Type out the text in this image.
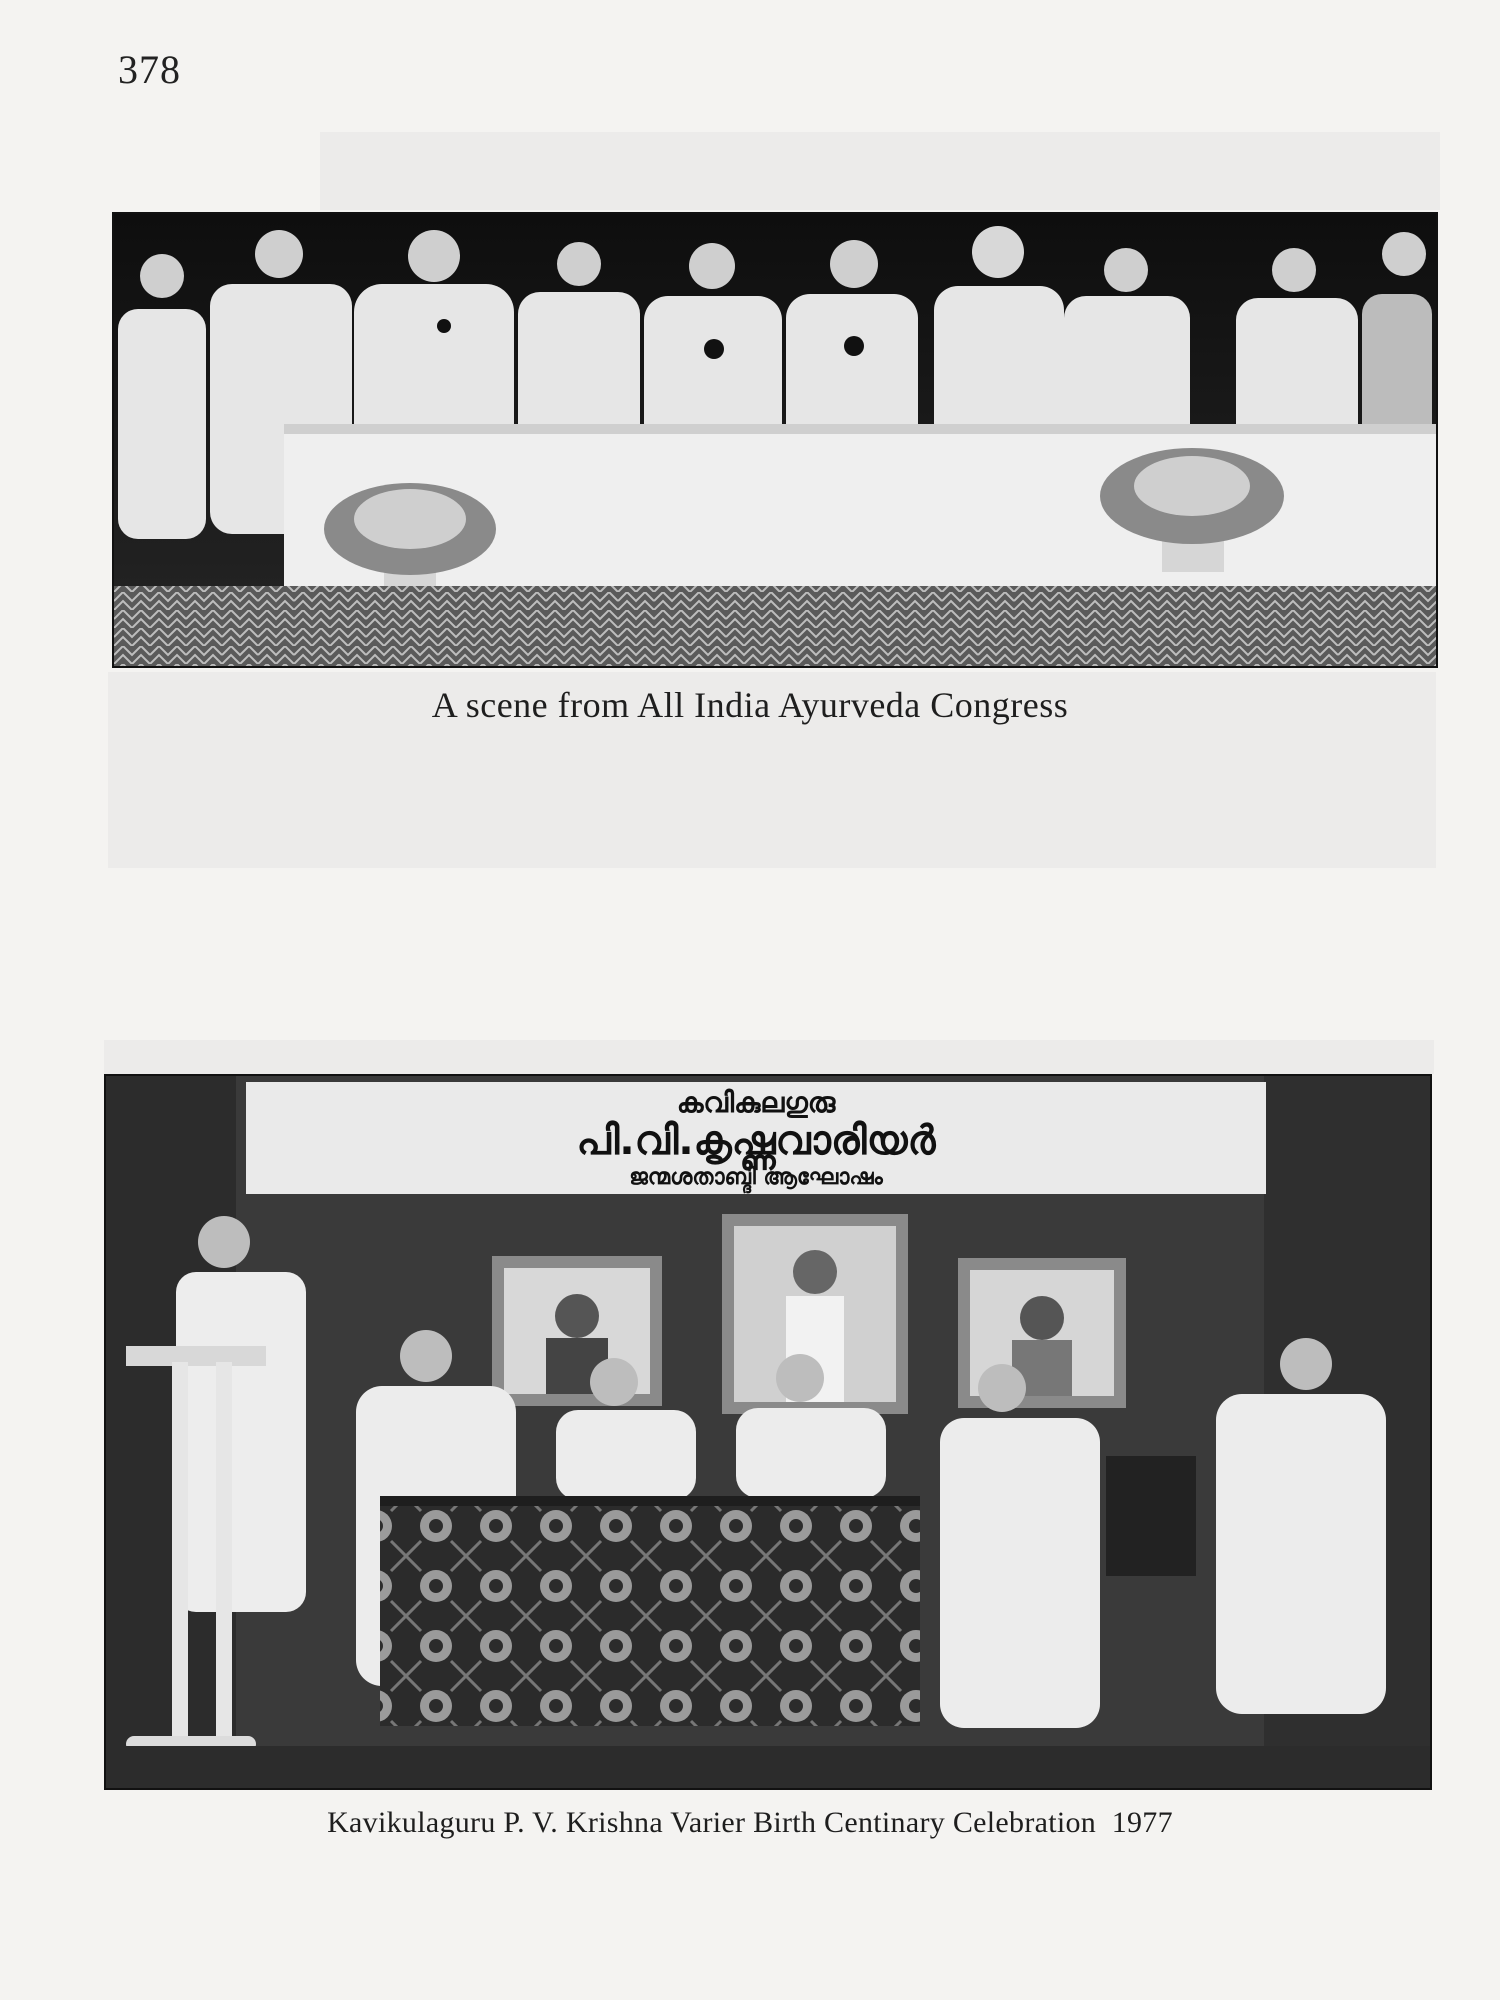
378
A scene from All India Ayurveda Congress
കവികുലഗുരു
പി.വി.കൃഷ്ണവാരിയർ
ജന്മശതാബ്ദി ആഘോഷം
Kavikulaguru P. V. Krishna Varier Birth Centinary Celebration  1977
